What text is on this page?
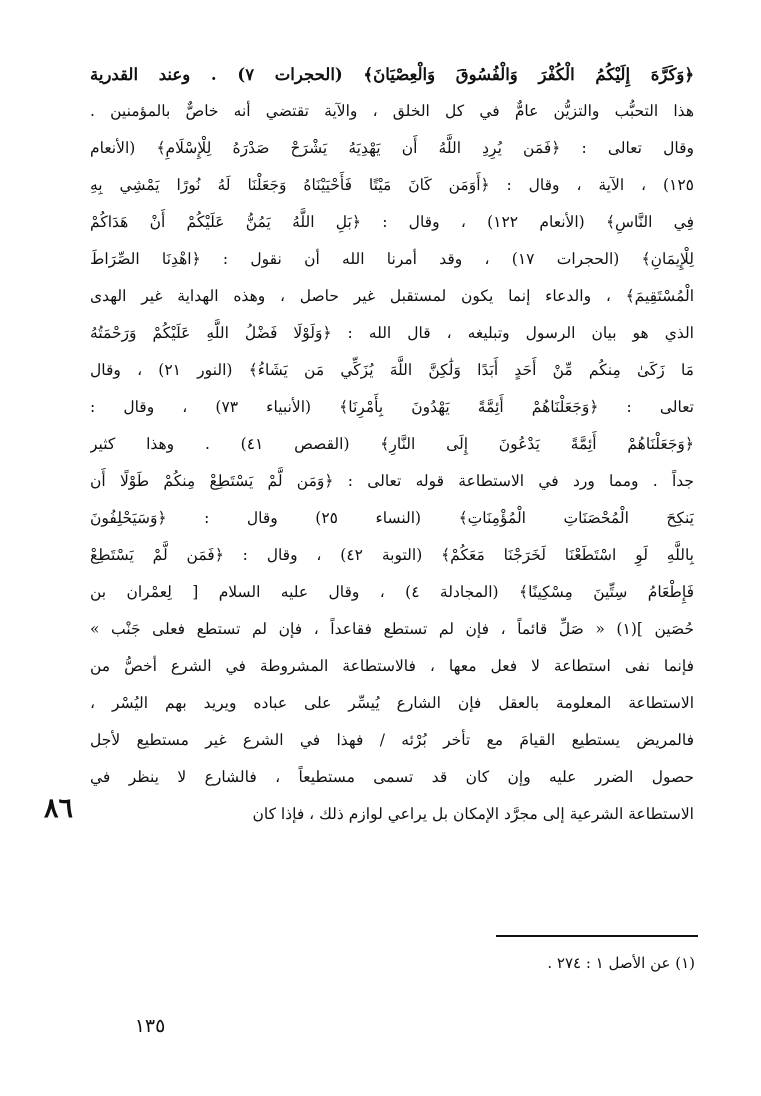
﴿وَكَرَّهَ إِلَيْكُمُ الْكُفْرَ وَالْفُسُوقَ وَالْعِصْيَانَ﴾ (الحجرات ٧) . وعند القدرية
هذا التحبُّب والتزيُّن عامٌّ في كل الخلق ، والآية تقتضي أنه خاصٌّ بالمؤمنين .
وقال تعالى : ﴿فَمَن يُرِدِ اللَّهُ أَن يَهْدِيَهُ يَشْرَحْ صَدْرَهُ لِلْإِسْلَامِ﴾ (الأنعام
١٢٥) ، الآية ، وقال : ﴿أَوَمَن كَانَ مَيْتًا فَأَحْيَيْنَاهُ وَجَعَلْنَا لَهُ نُورًا يَمْشِي بِهِ
فِي النَّاسِ﴾ (الأنعام ١٢٢) ، وقال : ﴿بَلِ اللَّهُ يَمُنُّ عَلَيْكُمْ أَنْ هَدَاكُمْ
لِلْإِيمَانِ﴾ (الحجرات ١٧) ، وقد أمرنا الله أن نقول : ﴿اهْدِنَا الصِّرَاطَ
الْمُسْتَقِيمَ﴾ ، والدعاء إنما يكون لمستقبل غير حاصل ، وهذه الهداية غير الهدى
الذي هو بيان الرسول وتبليغه ، قال الله : ﴿وَلَوْلَا فَضْلُ اللَّهِ عَلَيْكُمْ وَرَحْمَتُهُ
مَا زَكَىٰ مِنكُم مِّنْ أَحَدٍ أَبَدًا وَلَٰكِنَّ اللَّهَ يُزَكِّي مَن يَشَاءُ﴾ (النور ٢١) ، وقال
تعالى : ﴿وَجَعَلْنَاهُمْ أَئِمَّةً يَهْدُونَ بِأَمْرِنَا﴾ (الأنبياء ٧٣) ، وقال :
﴿وَجَعَلْنَاهُمْ أَئِمَّةً يَدْعُونَ إِلَى النَّارِ﴾ (القصص ٤١) . وهذا كثير
جداً . ومما ورد في الاستطاعة قوله تعالى : ﴿وَمَن لَّمْ يَسْتَطِعْ مِنكُمْ طَوْلًا أَن
يَنكِحَ الْمُحْصَنَاتِ الْمُؤْمِنَاتِ﴾ (النساء ٢٥) وقال : ﴿وَسَيَحْلِفُونَ
بِاللَّهِ لَوِ اسْتَطَعْنَا لَخَرَجْنَا مَعَكُمْ﴾ (التوبة ٤٢) ، وقال : ﴿فَمَن لَّمْ يَسْتَطِعْ
فَإِطْعَامُ سِتِّينَ مِسْكِينًا﴾ (المجادلة ٤) ، وقال عليه السلام [ لِعمْران بن
حُصَين ](١) « صَلِّ قائماً ، فإن لم تستطع فقاعداً ، فإن لم تستطع فعلى جَنْب »
فإنما نفى استطاعة لا فعل معها ، فالاستطاعة المشروطة في الشرع أخصُّ من
الاستطاعة المعلومة بالعقل فإن الشارع يُيسِّر على عباده ويريد بهم اليُسْر ،
فالمريض يستطيع القيامَ مع تأخر بُرْئه / فهذا في الشرع غير مستطيع لأجل
حصول الضرر عليه وإن كان قد تسمى مستطيعاً ، فالشارع لا ينظر في
الاستطاعة الشرعية إلى مجرَّد الإمكان بل يراعي لوازم ذلك ، فإذا كان
٨٦
(١) عن الأصل ١ : ٢٧٤ .
١٣٥
